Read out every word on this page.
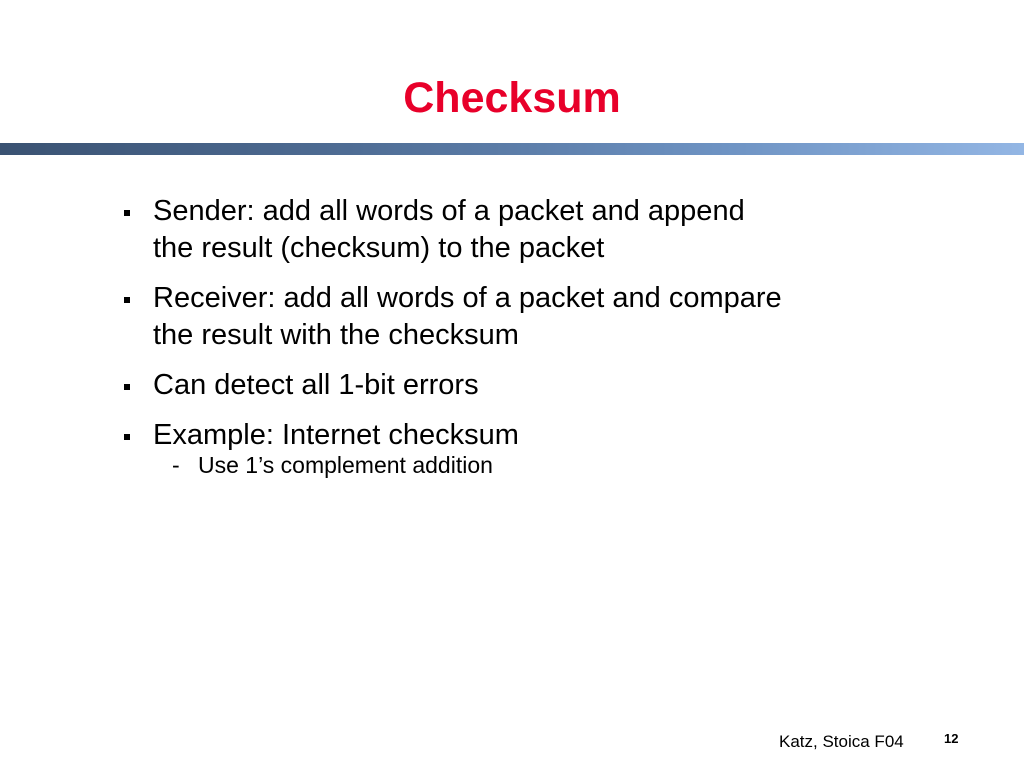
Checksum
Sender: add all words of a packet and append
the result (checksum) to the packet
Receiver: add all words of a packet and compare
the result with the checksum
Can detect all 1-bit errors
Example: Internet checksum
- Use 1’s complement addition
Katz, Stoica F04	12
